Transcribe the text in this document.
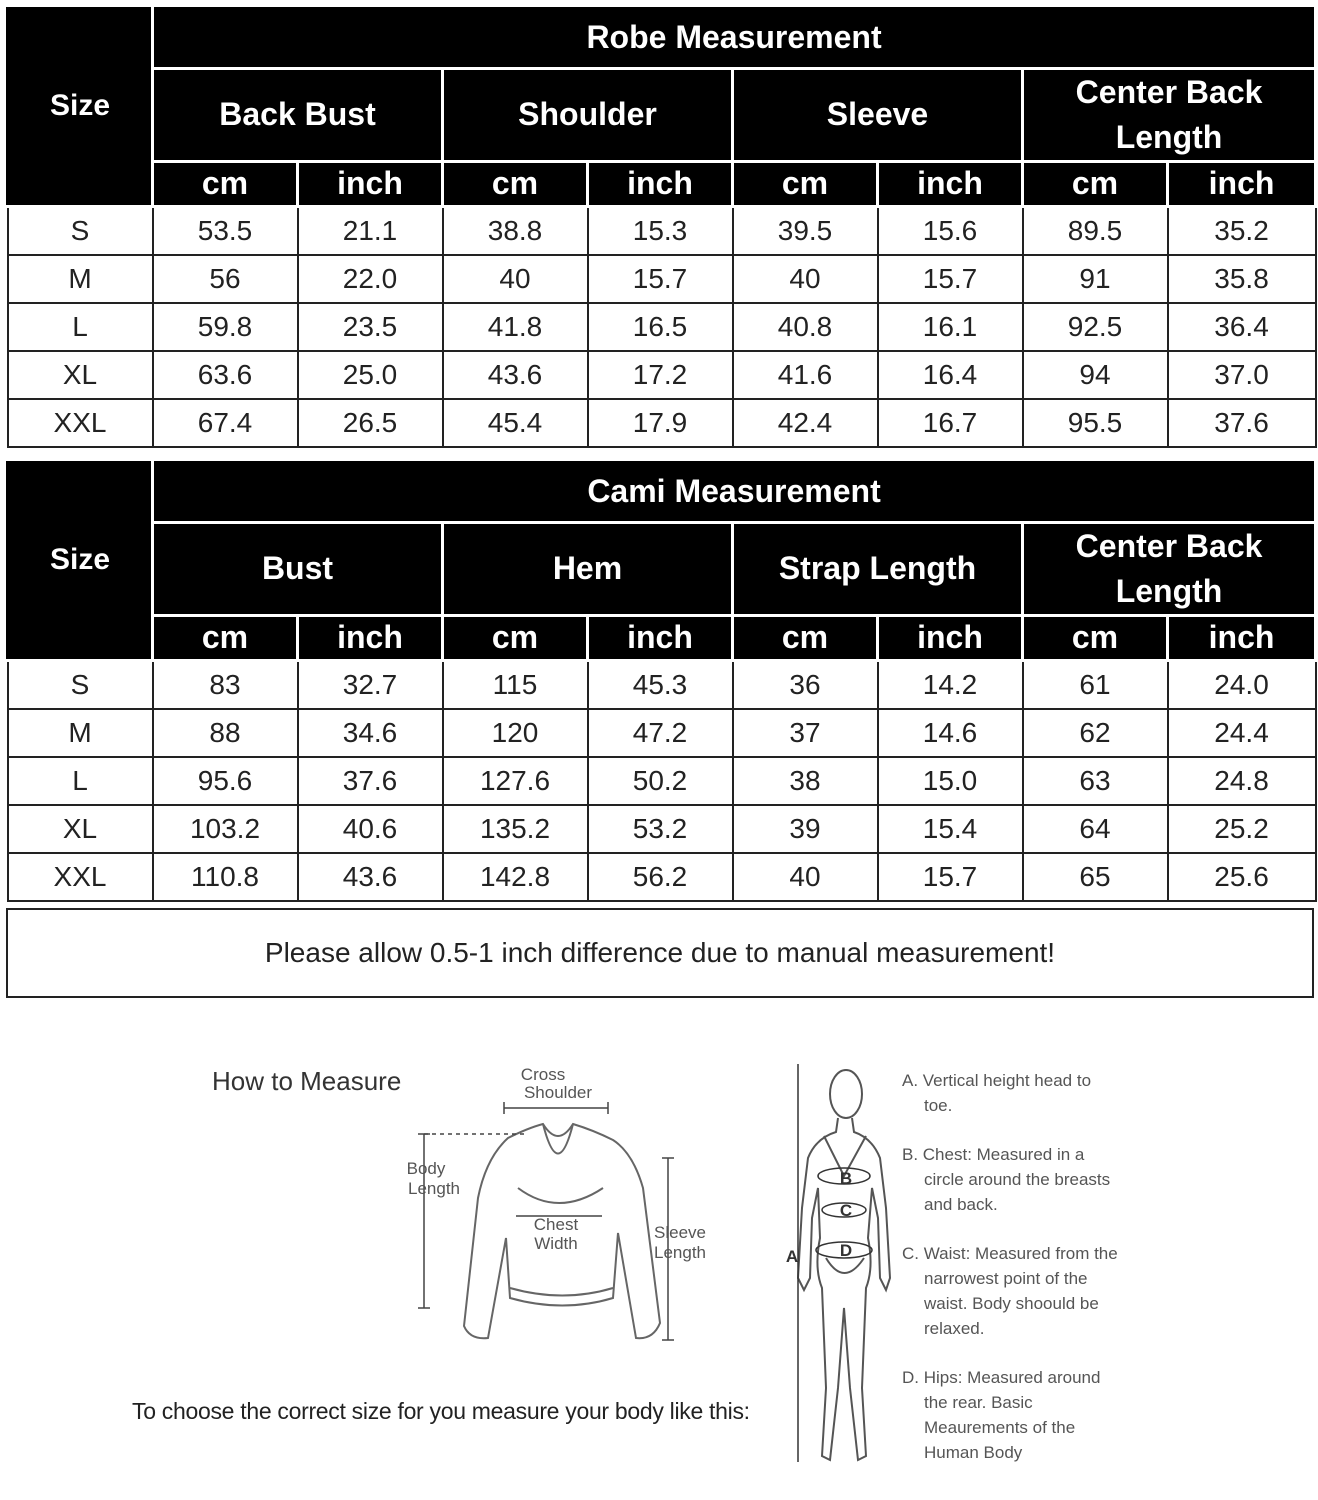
Size	Robe Measurement							
	Back Bust		Shoulder		Sleeve		Center Back Length	
	cm	inch	cm	inch	cm	inch	cm	inch
S	53.5	21.1	38.8	15.3	39.5	15.6	89.5	35.2
M	56	22.0	40	15.7	40	15.7	91	35.8
L	59.8	23.5	41.8	16.5	40.8	16.1	92.5	36.4
XL	63.6	25.0	43.6	17.2	41.6	16.4	94	37.0
XXL	67.4	26.5	45.4	17.9	42.4	16.7	95.5	37.6
Size	Cami Measurement							
	Bust		Hem		Strap Length		Center Back Length	
	cm	inch	cm	inch	cm	inch	cm	inch
S	83	32.7	115	45.3	36	14.2	61	24.0
M	88	34.6	120	47.2	37	14.6	62	24.4
L	95.6	37.6	127.6	50.2	38	15.0	63	24.8
XL	103.2	40.6	135.2	53.2	39	15.4	64	25.2
XXL	110.8	43.6	142.8	56.2	40	15.7	65	25.6
Please allow 0.5-1 inch difference due to manual measurement!
How to Measure	Cross
Shoulder
Body
Length
Chest
Width
Sleeve
Length
To choose the correct size for you measure your body like this:
A
B
C
D
A. Vertical height head to toe.
B. Chest: Measured in a circle around the breasts and back.
C. Waist: Measured from the narrowest point of the waist. Body shoould be relaxed.
D. Hips: Measured around the rear. Basic Meaurements of the Human Body
